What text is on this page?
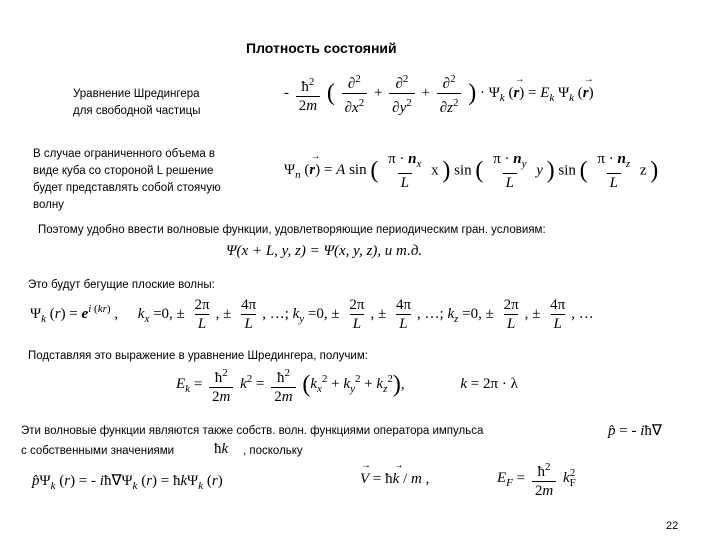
Плотность состояний
Уравнение Шредингера
для свободной частицы
- $\frac{ħ^2}{2m}$ ( $\frac{\partial^2}{\partial x^2} + \frac{\partial^2}{\partial y^2} + \frac{\partial^2}{\partial z^2}$ ) · $\Psi_k$ (→ $r) = E_k$ $\Psi_k$ (→ r)
В случае ограниченного объема в
виде куба со стороной L решение
будет представлять собой стоячую
волну
$\Psi_n$ (→ r) = A sin ( $\frac{\pi \cdot n_x}{L}$ x ) sin ( $\frac{\pi \cdot n_y}{L}$ y ) sin ( $\frac{\pi \cdot n_z}{L}$ z )
Поэтому удобно ввести волновые функции, удовлетворяющие периодическим гран. условиям:
Ψ(x + L, y, z) = Ψ(x, y, z), и т.д.
Это будут бегущие плоские волны:
$\Psi_k$ $(r) = e^{i (kr)}$ , $k_x =0$, ± $\frac{2\pi}{L}$ , ± $\frac{4\pi}{L}$ , …; $k_y =0$, ± $\frac{2\pi}{L}$ , ± $\frac{4\pi}{L}$ , …; $k_z =0$, ± $\frac{2\pi}{L}$ , ± $\frac{4\pi}{L}$ , …
Подставляя это выражение в уравнение Шредингера, получим:
$E_k = \frac{ħ^2}{2m} k^2 = \frac{ħ^2}{2m} (k_x^2 + k_y^2 + k_z^2)$,	k = 2π · λ
Эти волновые функции являются также собств. волн. функциями оператора импульса
с собственными значениями	ħk , поскольку
p̂ = - iħ∇
$p̂\Psi_k$ (r) = - $iħ\nabla\Psi_k$ (r) = ħkΨ$_k$ (r)
→	V = ħ→ k / m ,	$E_F = \frac{ħ^2}{2m} k_F^2$
22
